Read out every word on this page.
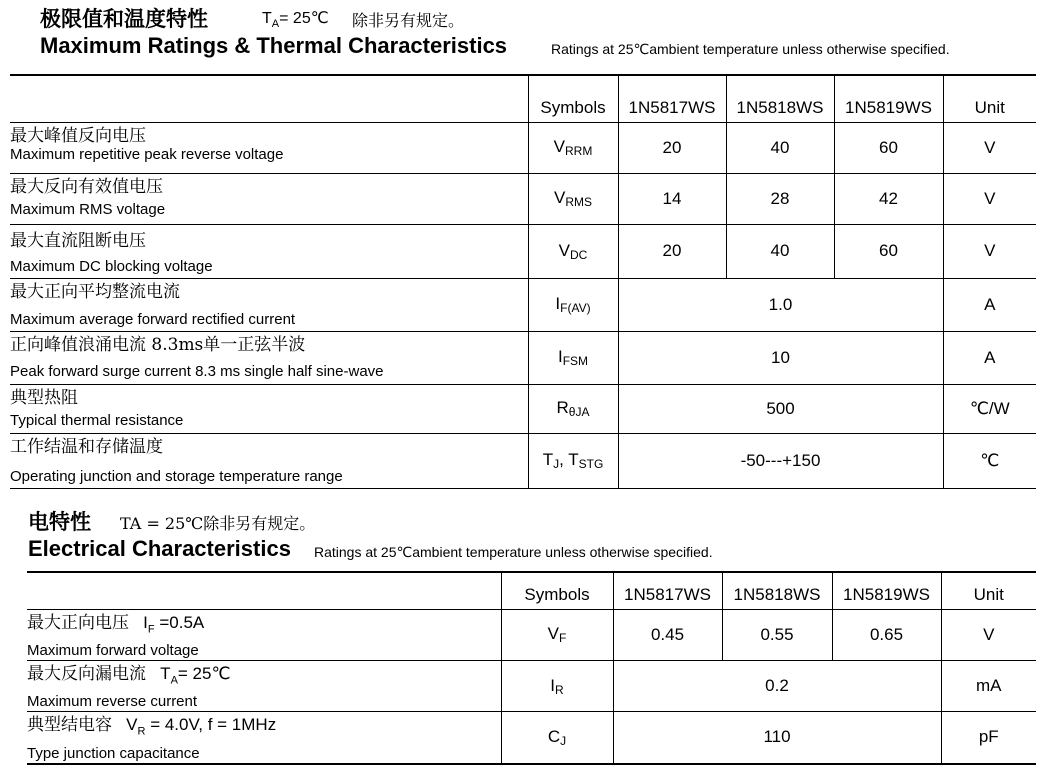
极限值和温度特性	$T_A=$ 25℃ 除非另有规定。
Maximum Ratings & Thermal Characteristics	Ratings at 25℃ambient temperature unless otherwise specified.
	Symbols	1N5817WS	1N5818WS	1N5819WS	Unit

最大峰值反向电压
Maximum repetitive peak reverse voltage	$V_{RRM}$	20	40	60	V

最大反向有效值电压
Maximum RMS voltage	$V_{RMS}$	14	28	42	V

最大直流阻断电压
Maximum DC blocking voltage	$V_{DC}$	20	40	60	V

最大正向平均整流电流
Maximum average forward rectified current	$I_{F(AV)}$	1.0			A

正向峰值浪涌电流 8.3ms单一正弦半波
Peak forward surge current 8.3 ms single half sine-wave	$I_{FSM}$	10			A

典型热阻
Typical thermal resistance	$R_{\theta JA}$	500			℃/W

工作结温和存储温度
Operating junction and storage temperature range	$T_J$, $T_{STG}$	-50---+150			℃
电特性 TA = 25℃除非另有规定。
Electrical Characteristics Ratings at 25℃ambient temperature unless otherwise specified.
	Symbols	1N5817WS	1N5818WS	1N5819WS	Unit

最大正向电压 $I_F =0.5A$
Maximum forward voltage	$V_F$	0.45	0.55	0.65	V

最大反向漏电流 $T_A=$ 25℃
Maximum reverse current	$I_R$	0.2			mA

典型结电容 $V_R = 4.0V$, f = 1MHz
Type junction capacitance	$C_J$	110			pF
